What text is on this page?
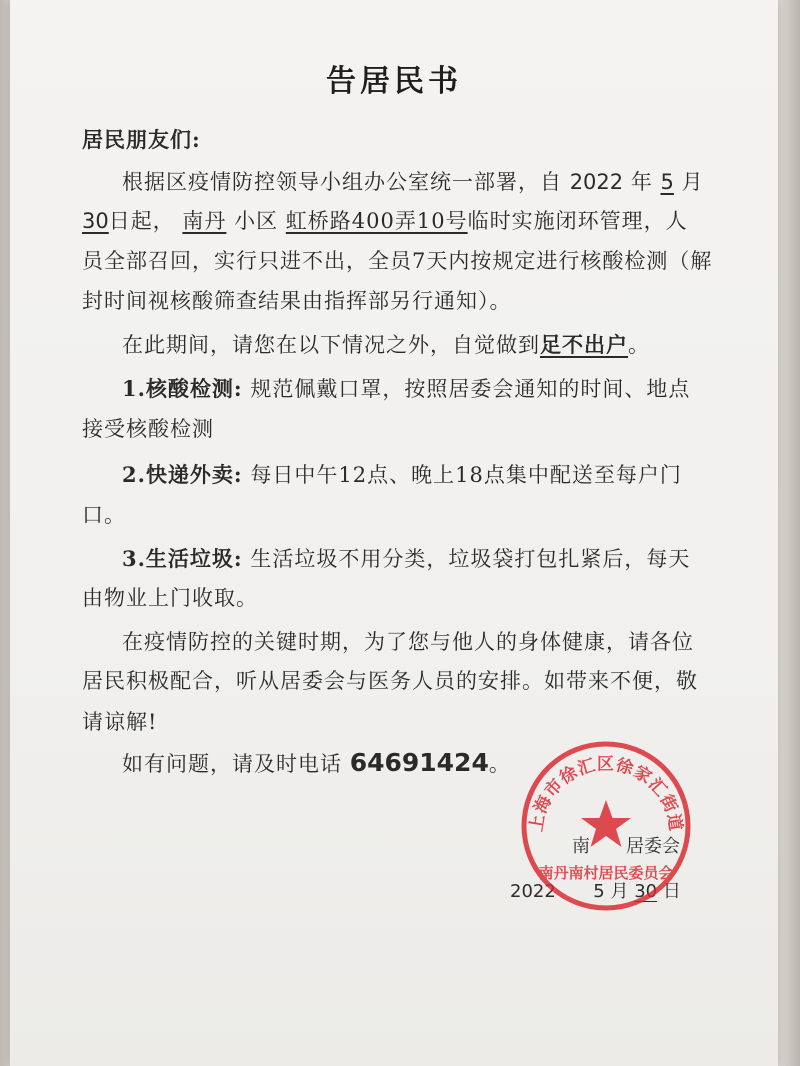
告居民书
居民朋友们:
根据区疫情防控领导小组办公室统一部署，自 2022 年 5 月
30日起， 南丹 小区 虹桥路400弄10号临时实施闭环管理，人
员全部召回，实行只进不出，全员7天内按规定进行核酸检测（解
封时间视核酸筛查结果由指挥部另行通知）。
在此期间，请您在以下情况之外，自觉做到足不出户。
1.核酸检测: 规范佩戴口罩，按照居委会通知的时间、地点
接受核酸检测
2.快递外卖: 每日中午12点、晚上18点集中配送至每户门
口。
3.生活垃圾: 生活垃圾不用分类，垃圾袋打包扎紧后，每天
由物业上门收取。
在疫情防控的关键时期，为了您与他人的身体健康，请各位
居民积极配合，听从居委会与医务人员的安排。如带来不便，敬
请谅解!
如有问题，请及时电话 64691424。
南　　 居委会
2022 5 月 30 日
上海市徐汇区徐家汇街道
南丹南村居民委员会
